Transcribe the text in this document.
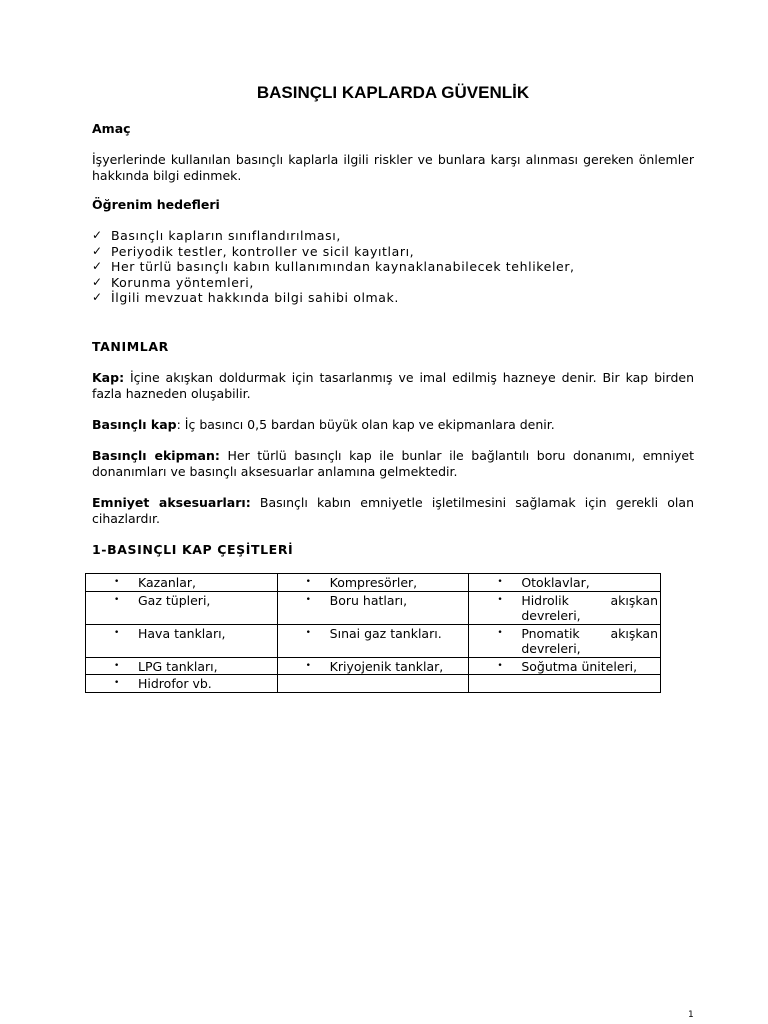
BASINÇLI KAPLARDA GÜVENLİK
Amaç
İşyerlerinde kullanılan basınçlı kaplarla ilgili riskler ve bunlara karşı alınması gereken önlemler hakkında bilgi edinmek.
Öğrenim hedefleri
✓ Basınçlı kapların sınıflandırılması,
✓ Periyodik testler, kontroller ve sicil kayıtları,
✓ Her türlü basınçlı kabın kullanımından kaynaklanabilecek tehlikeler,
✓ Korunma yöntemleri,
✓ İlgili mevzuat hakkında bilgi sahibi olmak.
TANIMLAR
Kap: İçine akışkan doldurmak için tasarlanmış ve imal edilmiş hazneye denir. Bir kap birden fazla hazneden oluşabilir.
Basınçlı kap: İç basıncı 0,5 bardan büyük olan kap ve ekipmanlara denir.
Basınçlı ekipman: Her türlü basınçlı kap ile bunlar ile bağlantılı boru donanımı, emniyet donanımları ve basınçlı aksesuarlar anlamına gelmektedir.
Emniyet aksesuarları: Basınçlı kabın emniyetle işletilmesini sağlamak için gerekli olan cihazlardır.
1-BASINÇLI KAP ÇEŞİTLERİ
• Kazanlar,	• Kompresörler,	• Otoklavlar,

• Gaz tüpleri,	• Boru hatları,	• Hidrolik akışkan devreleri,

• Hava tankları,	• Sınai gaz tankları.	• Pnomatik akışkan devreleri,

• LPG tankları,	• Kriyojenik tanklar,	• Soğutma üniteleri,

• Hidrofor vb.		

1
